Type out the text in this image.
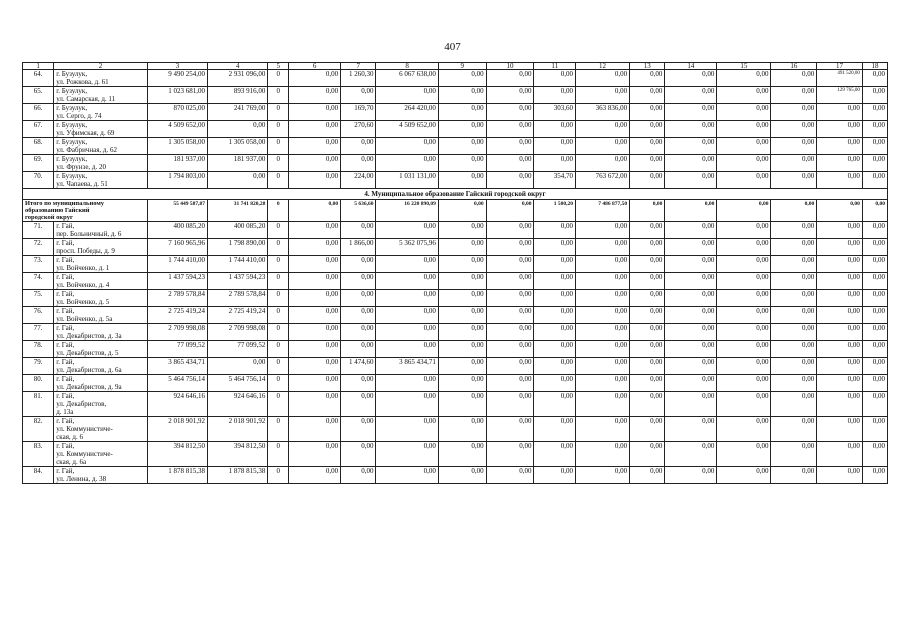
407
1	2	3	4	5	6	7	8	9	10	11	12	13	14	15	16	17	18
64.	г. Бузулук,
ул. Рожкова, д. 61	9 490 254,00	2 931 096,00	0	0,00	1 260,30	6 067 638,00	0,00	0,00	0,00	0,00	0,00	0,00	0,00	0,00	491 520,00	0,00
65.	г. Бузулук,
ул. Самарская, д. 11	1 023 681,00	893 916,00	0	0,00	0,00	0,00	0,00	0,00	0,00	0,00	0,00	0,00	0,00	0,00	129 765,00	0,00
66.	г. Бузулук,
ул. Серго, д. 74	870 025,00	241 769,00	0	0,00	169,70	264 420,00	0,00	0,00	303,60	363 836,00	0,00	0,00	0,00	0,00	0,00	0,00
67.	г. Бузулук,
ул. Уфимская, д. 69	4 509 652,00	0,00	0	0,00	270,60	4 509 652,00	0,00	0,00	0,00	0,00	0,00	0,00	0,00	0,00	0,00	0,00
68.	г. Бузулук,
ул. Фабричная, д. 62	1 305 058,00	1 305 058,00	0	0,00	0,00	0,00	0,00	0,00	0,00	0,00	0,00	0,00	0,00	0,00	0,00	0,00
69.	г. Бузулук,
ул. Фрунзе, д. 20	181 937,00	181 937,00	0	0,00	0,00	0,00	0,00	0,00	0,00	0,00	0,00	0,00	0,00	0,00	0,00	0,00
70.	г. Бузулук,
ул. Чапаева, д. 51	1 794 803,00	0,00	0	0,00	224,00	1 031 131,00	0,00	0,00	354,70	763 672,00	0,00	0,00	0,00	0,00	0,00	0,00
4. Муниципальное образование Гайский городской округ																	

Итого по муниципальному
образованию Гайский
городской округ		55 449 587,87	31 741 820,28	0	0,00	5 636,60	16 220 890,09	0,00	0,00	1 500,20	7 486 877,50	0,00	0,00	0,00	0,00	0,00	0,00
71.	г. Гай,
пер. Больничный, д. 6	400 085,20	400 085,20	0	0,00	0,00	0,00	0,00	0,00	0,00	0,00	0,00	0,00	0,00	0,00	0,00	0,00
72.	г. Гай,
просп. Победы, д. 9	7 160 965,96	1 798 890,00	0	0,00	1 866,00	5 362 075,96	0,00	0,00	0,00	0,00	0,00	0,00	0,00	0,00	0,00	0,00
73.	г. Гай,
ул. Войченко, д. 1	1 744 410,00	1 744 410,00	0	0,00	0,00	0,00	0,00	0,00	0,00	0,00	0,00	0,00	0,00	0,00	0,00	0,00
74.	г. Гай,
ул. Войченко, д. 4	1 437 594,23	1 437 594,23	0	0,00	0,00	0,00	0,00	0,00	0,00	0,00	0,00	0,00	0,00	0,00	0,00	0,00
75.	г. Гай,
ул. Войченко, д. 5	2 789 578,84	2 789 578,84	0	0,00	0,00	0,00	0,00	0,00	0,00	0,00	0,00	0,00	0,00	0,00	0,00	0,00
76.	г. Гай,
ул. Войченко, д. 5а	2 725 419,24	2 725 419,24	0	0,00	0,00	0,00	0,00	0,00	0,00	0,00	0,00	0,00	0,00	0,00	0,00	0,00
77.	г. Гай,
ул. Декабристов, д. 3а	2 709 998,08	2 709 998,08	0	0,00	0,00	0,00	0,00	0,00	0,00	0,00	0,00	0,00	0,00	0,00	0,00	0,00
78.	г. Гай,
ул. Декабристов, д. 5	77 099,52	77 099,52	0	0,00	0,00	0,00	0,00	0,00	0,00	0,00	0,00	0,00	0,00	0,00	0,00	0,00
79.	г. Гай,
ул. Декабристов, д. 6а	3 865 434,71	0,00	0	0,00	1 474,60	3 865 434,71	0,00	0,00	0,00	0,00	0,00	0,00	0,00	0,00	0,00	0,00
80.	г. Гай,
ул. Декабристов, д. 9а	5 464 756,14	5 464 756,14	0	0,00	0,00	0,00	0,00	0,00	0,00	0,00	0,00	0,00	0,00	0,00	0,00	0,00
81.	г. Гай,
ул. Декабристов,
д. 13а	924 646,16	924 646,16	0	0,00	0,00	0,00	0,00	0,00	0,00	0,00	0,00	0,00	0,00	0,00	0,00	0,00
82.	г. Гай,
ул. Коммунистиче-
ская, д. 6	2 018 901,92	2 018 901,92	0	0,00	0,00	0,00	0,00	0,00	0,00	0,00	0,00	0,00	0,00	0,00	0,00	0,00
83.	г. Гай,
ул. Коммунистиче-
ская, д. 6а	394 812,50	394 812,50	0	0,00	0,00	0,00	0,00	0,00	0,00	0,00	0,00	0,00	0,00	0,00	0,00	0,00
84.	г. Гай,
ул. Ленина, д. 38	1 878 815,38	1 878 815,38	0	0,00	0,00	0,00	0,00	0,00	0,00	0,00	0,00	0,00	0,00	0,00	0,00	0,00
